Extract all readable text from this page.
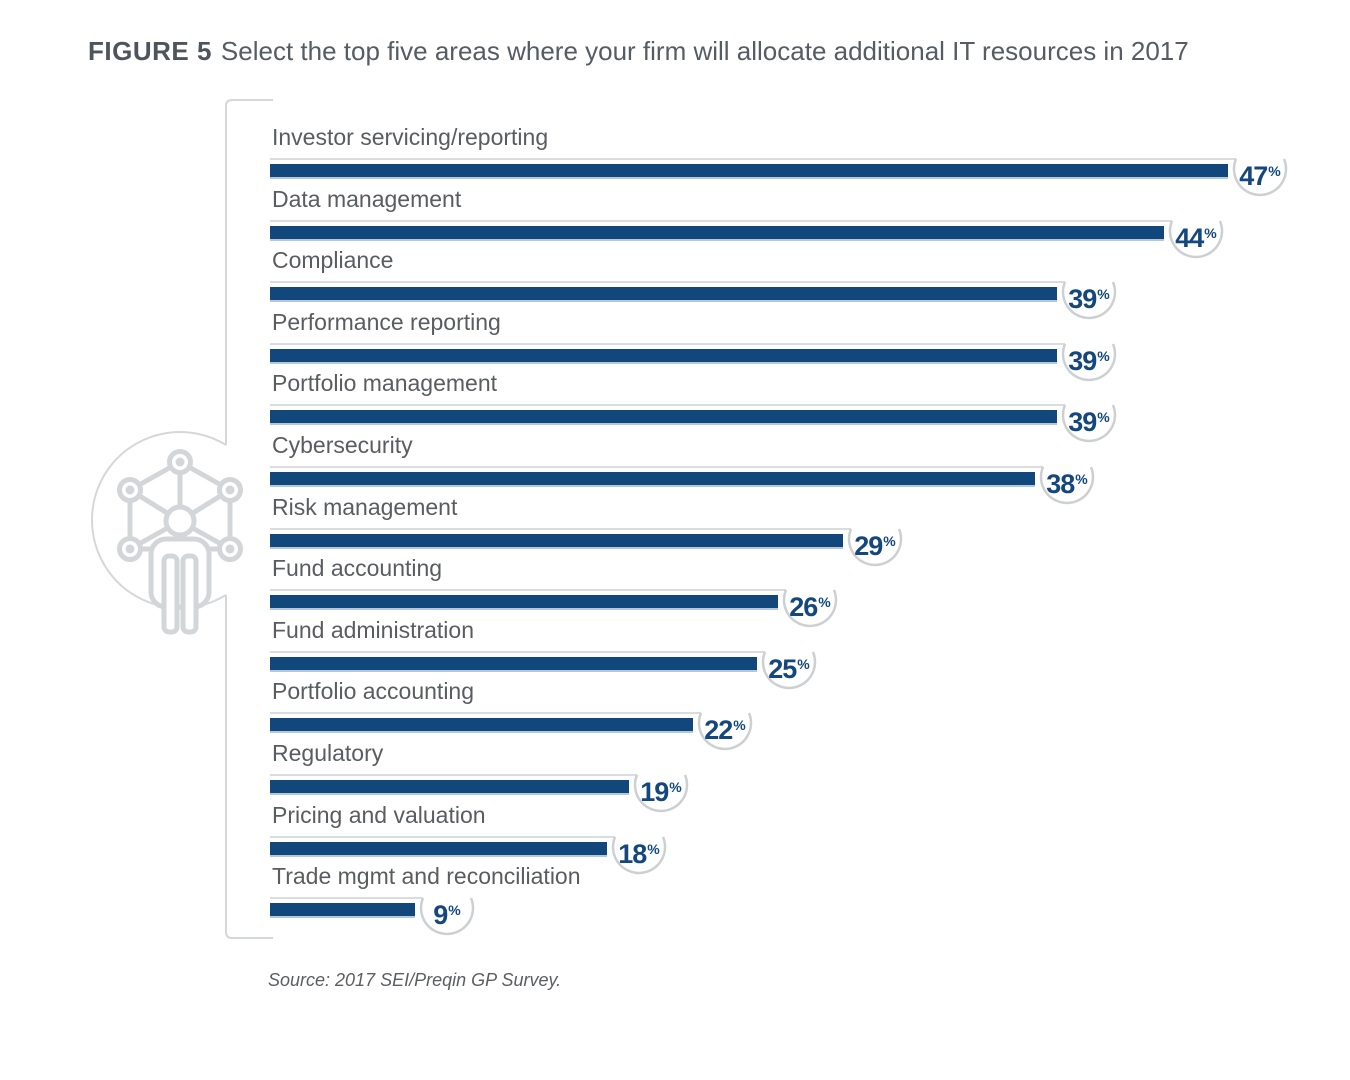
FIGURE 5 Select the top five areas where your firm will allocate additional IT resources in 2017
Investor servicing/reporting
47%
Data management
44%
Compliance
39%
Performance reporting
39%
Portfolio management
39%
Cybersecurity
38%
Risk management
29%
Fund accounting
26%
Fund administration
25%
Portfolio accounting
22%
Regulatory
19%
Pricing and valuation
18%
Trade mgmt and reconciliation
9%
Source: 2017 SEI/Preqin GP Survey.
